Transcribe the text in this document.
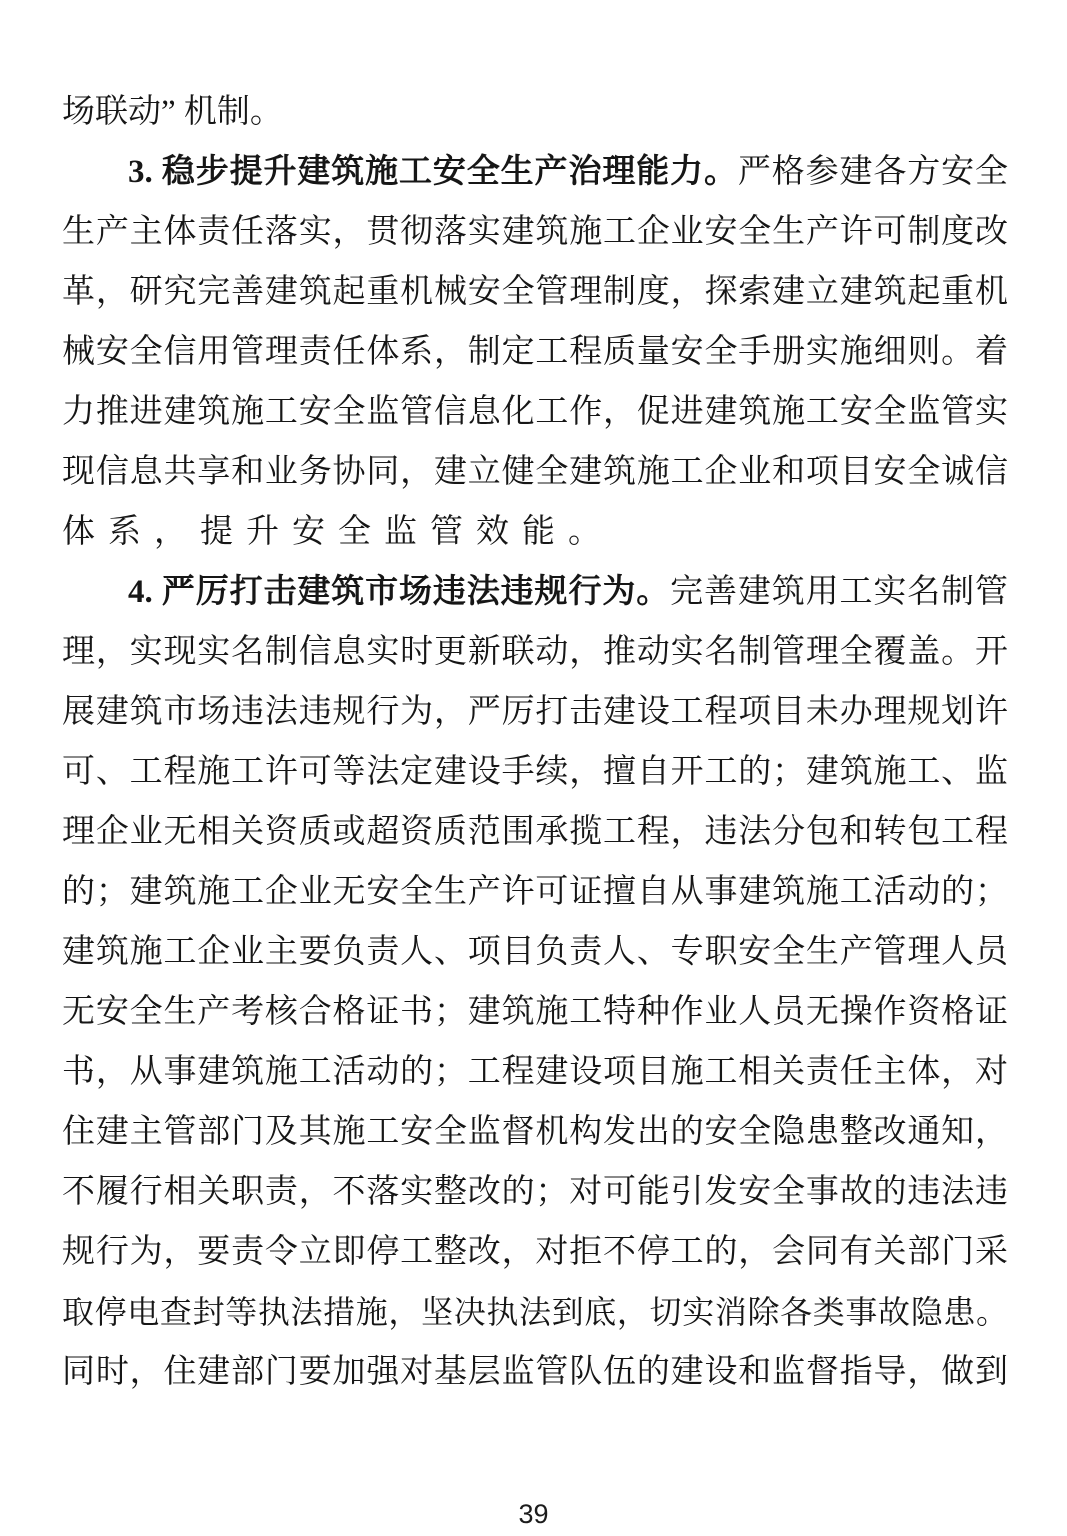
场联动” 机制。
3. 稳步提升建筑施工安全生产治理能力。严格参建各方安全
生产主体责任落实，贯彻落实建筑施工企业安全生产许可制度改
革，研究完善建筑起重机械安全管理制度，探索建立建筑起重机
械安全信用管理责任体系，制定工程质量安全手册实施细则。着
力推进建筑施工安全监管信息化工作，促进建筑施工安全监管实
现信息共享和业务协同，建立健全建筑施工企业和项目安全诚信
体系，提升安全监管效能。
4. 严厉打击建筑市场违法违规行为。完善建筑用工实名制管
理，实现实名制信息实时更新联动，推动实名制管理全覆盖。开
展建筑市场违法违规行为，严厉打击建设工程项目未办理规划许
可、工程施工许可等法定建设手续，擅自开工的；建筑施工、监
理企业无相关资质或超资质范围承揽工程，违法分包和转包工程
的；建筑施工企业无安全生产许可证擅自从事建筑施工活动的；
建筑施工企业主要负责人、项目负责人、专职安全生产管理人员
无安全生产考核合格证书；建筑施工特种作业人员无操作资格证
书，从事建筑施工活动的；工程建设项目施工相关责任主体，对
住建主管部门及其施工安全监督机构发出的安全隐患整改通知，
不履行相关职责，不落实整改的；对可能引发安全事故的违法违
规行为，要责令立即停工整改，对拒不停工的，会同有关部门采
取停电查封等执法措施，坚决执法到底，切实消除各类事故隐患。
同时，住建部门要加强对基层监管队伍的建设和监督指导，做到
39
